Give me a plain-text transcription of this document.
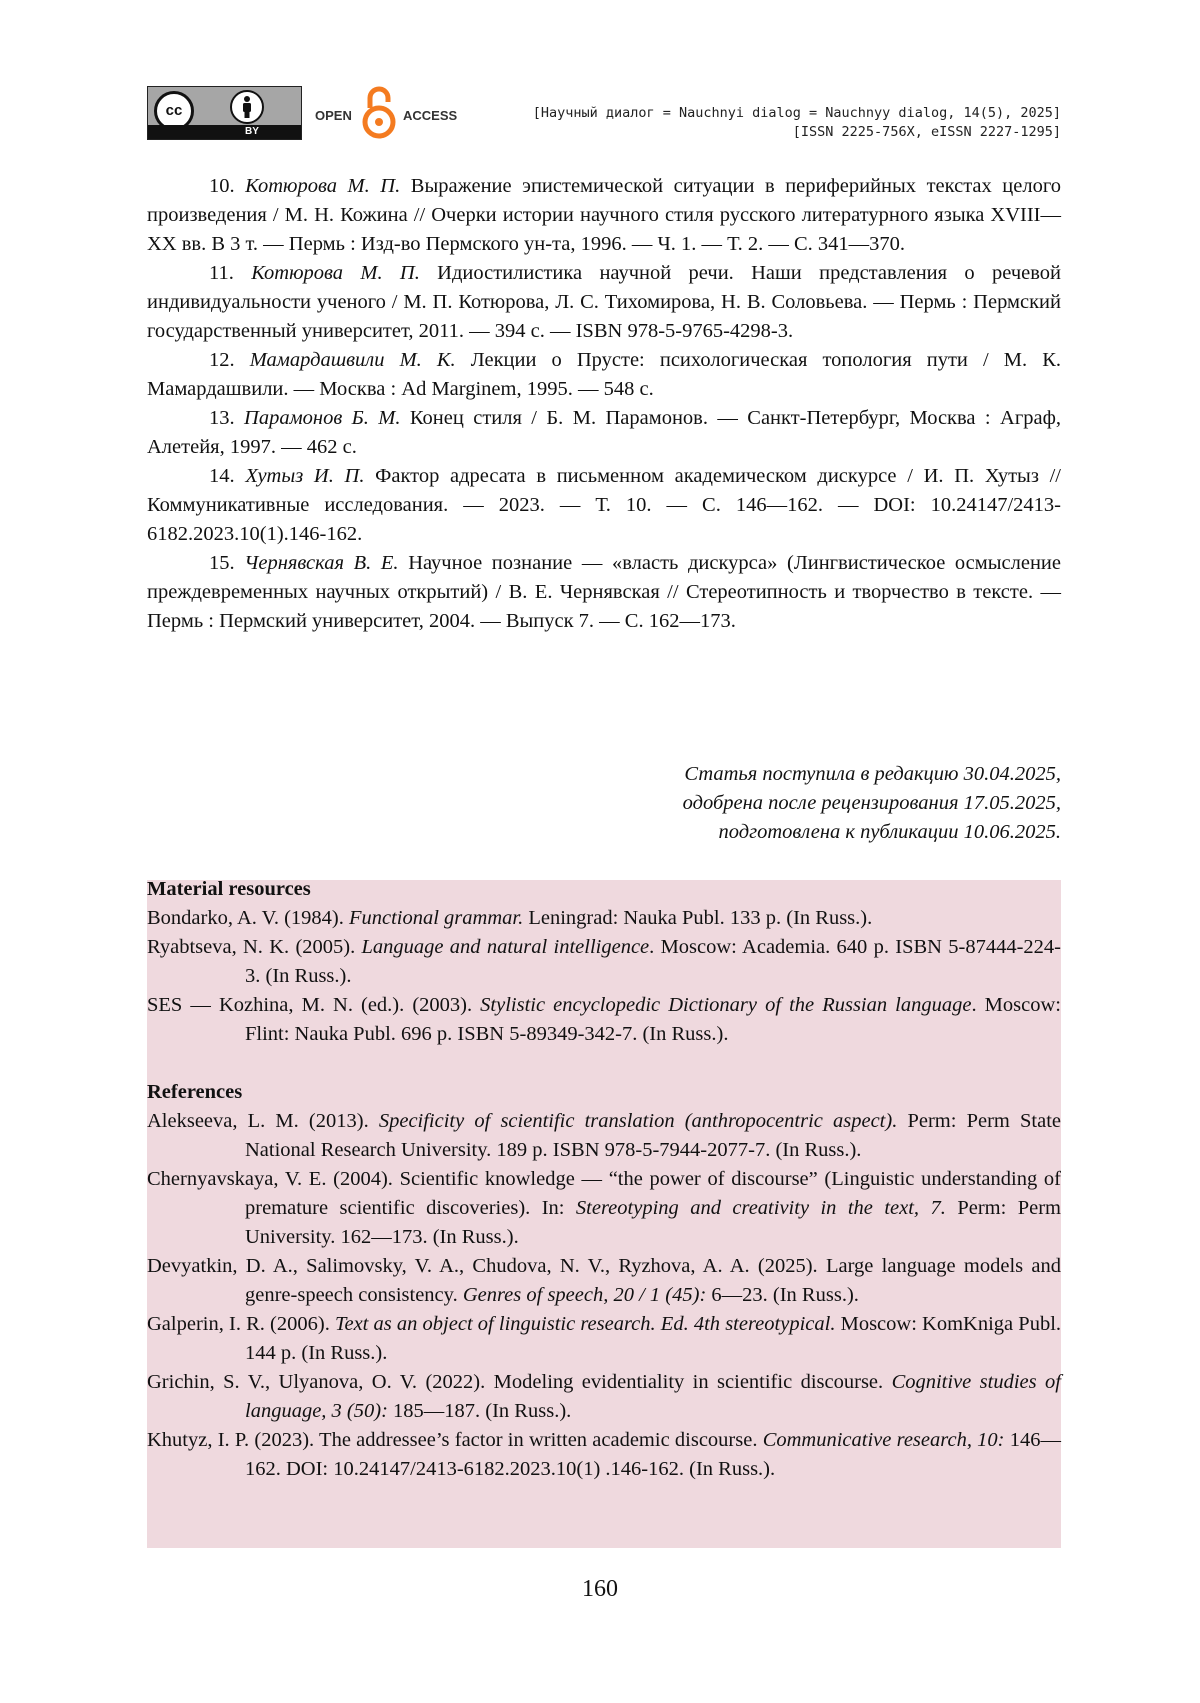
cc
BY
OPEN	ACCESS	[Научный диалог = Nauchnyi dialog = Nauchnyy dialog, 14(5), 2025]
[ISSN 2225-756X, eISSN 2227-1295]

10. Котюрова М. П. Выражение эпистемической ситуации в периферийных текстах целого произведения / М. Н. Кожина // Очерки истории научного стиля русского литературного языка XVIII—XX вв. В 3 т. — Пермь : Изд-во Пермского ун-та, 1996. — Ч. 1. — Т. 2. — С. 341—370.

11. Котюрова М. П. Идиостилистика научной речи. Наши представления о речевой индивидуальности ученого / М. П. Котюрова, Л. С. Тихомирова, Н. В. Соловьева. — Пермь : Пермский государственный университет, 2011. — 394 с. — ISBN 978-5-9765-4298-3.

12. Мамардашвили М. К. Лекции о Прусте: психологическая топология пути / М. К. Мамардашвили. — Москва : Ad Marginem, 1995. — 548 с.

13. Парамонов Б. М. Конец стиля / Б. М. Парамонов. — Санкт-Петербург, Москва : Аграф, Алетейя, 1997. — 462 с.

14. Хутыз И. П. Фактор адресата в письменном академическом дискурсе / И. П. Хутыз // Коммуникативные исследования. — 2023. — Т. 10. — С. 146—162. — DOI: 10.24147/2413-6182.2023.10(1).146-162.

15. Чернявская В. Е. Научное познание — «власть дискурса» (Лингвистическое осмысление преждевременных научных открытий) / В. Е. Чернявская // Стереотипность и творчество в тексте. — Пермь : Пермский университет, 2004. — Выпуск 7. — С. 162—173.

Статья поступила в редакцию 30.04.2025,
одобрена после рецензирования 17.05.2025,
подготовлена к публикации 10.06.2025.
Material resources

Bondarko, A. V. (1984). Functional grammar. Leningrad: Nauka Publ. 133 p. (In Russ.).

Ryabtseva, N. K. (2005). Language and natural intelligence. Moscow: Academia. 640 p. ISBN 5-87444-224-3. (In Russ.).

SES — Kozhina, M. N. (ed.). (2003). Stylistic encyclopedic Dictionary of the Russian language. Moscow: Flint: Nauka Publ. 696 p. ISBN 5-89349-342-7. (In Russ.).

References

Alekseeva, L. M. (2013). Specificity of scientific translation (anthropocentric aspect). Perm: Perm State National Research University. 189 p. ISBN 978-5-7944-2077-7. (In Russ.).

Chernyavskaya, V. E. (2004). Scientific knowledge — “the power of discourse” (Linguistic understanding of premature scientific discoveries). In: Stereotyping and creativity in the text, 7. Perm: Perm University. 162—173. (In Russ.).

Devyatkin, D. A., Salimovsky, V. A., Chudova, N. V., Ryzhova, A. A. (2025). Large language models and genre-speech consistency. Genres of speech, 20 / 1 (45): 6—23. (In Russ.).

Galperin, I. R. (2006). Text as an object of linguistic research. Ed. 4th stereotypical. Moscow: KomKniga Publ. 144 p. (In Russ.).

Grichin, S. V., Ulyanova, O. V. (2022). Modeling evidentiality in scientific discourse. Cognitive studies of language, 3 (50): 185—187. (In Russ.).

Khutyz, I. P. (2023). The addressee’s factor in written academic discourse. Communicative research, 10: 146—162. DOI: 10.24147/2413-6182.2023.10(1) .146-162. (In Russ.).

160
